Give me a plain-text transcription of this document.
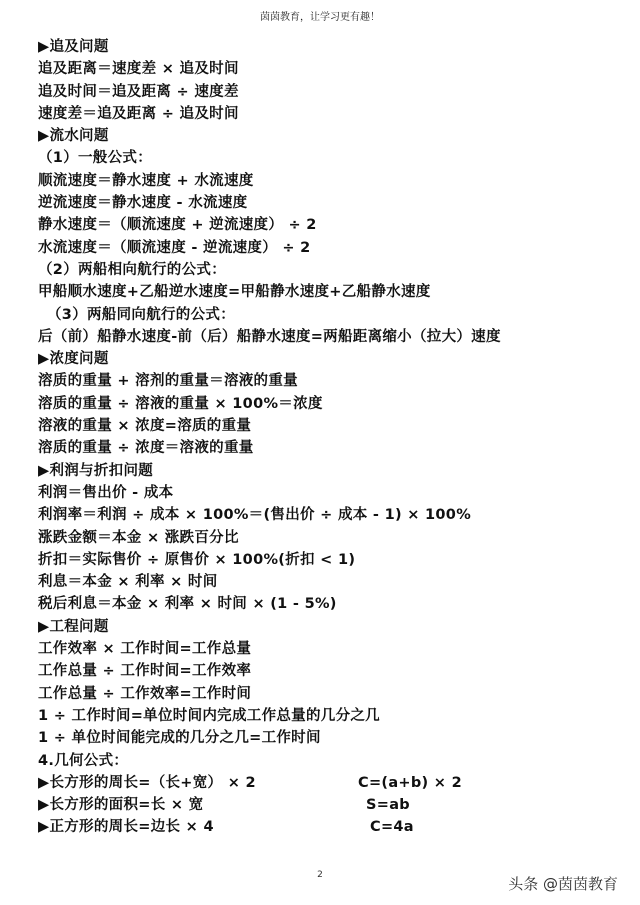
茵茵教育，让学习更有趣！
▶追及问题
追及距离＝速度差 × 追及时间
追及时间＝追及距离 ÷ 速度差
速度差＝追及距离 ÷ 追及时间
▶流水问题
（1）一般公式：
顺流速度＝静水速度 + 水流速度
逆流速度＝静水速度 - 水流速度
静水速度＝（顺流速度 + 逆流速度） ÷ 2
水流速度＝（顺流速度 - 逆流速度） ÷ 2
（2）两船相向航行的公式：
甲船顺水速度+乙船逆水速度=甲船静水速度+乙船静水速度
（3）两船同向航行的公式：
后（前）船静水速度-前（后）船静水速度=两船距离缩小（拉大）速度
▶浓度问题
溶质的重量 + 溶剂的重量＝溶液的重量
溶质的重量 ÷ 溶液的重量 × 100%＝浓度
溶液的重量 × 浓度=溶质的重量
溶质的重量 ÷ 浓度＝溶液的重量
▶利润与折扣问题
利润＝售出价 - 成本
利润率＝利润 ÷ 成本 × 100%＝(售出价 ÷ 成本 - 1) × 100%
涨跌金额＝本金 × 涨跌百分比
折扣＝实际售价 ÷ 原售价 × 100%(折扣 < 1)
利息＝本金 × 利率 × 时间
税后利息＝本金 × 利率 × 时间 × (1 - 5%)
▶工程问题
工作效率 × 工作时间=工作总量
工作总量 ÷ 工作时间=工作效率
工作总量 ÷ 工作效率=工作时间
1 ÷ 工作时间=单位时间内完成工作总量的几分之几
1 ÷ 单位时间能完成的几分之几=工作时间
4.几何公式：
▶长方形的周长=（长+宽） × 2	C=(a+b) × 2
▶长方形的面积=长 × 宽	S=ab
▶正方形的周长=边长 × 4	C=4a
2	头条 @茵茵教育
